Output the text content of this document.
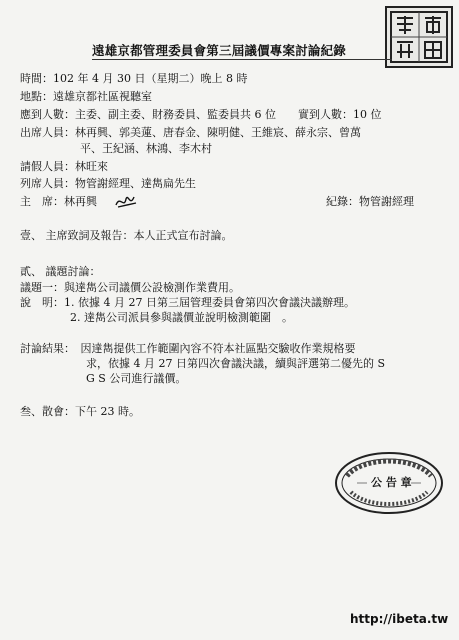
遠雄京都管理委員會第三屆議價專案討論紀錄
時間：102 年 4 月 30 日（星期二）晚上 8 時
地點：遠雄京都社區視聽室
應到人數：主委、副主委、財務委員、監委員共 6 位　　實到人數：10 位
出席人員：林再興、郭美蓮、唐春金、陳明健、王維宸、薛永宗、曾萬
平、王紀涵、林鴻、李木村
請假人員：林旺來
列席人員：物管謝經理、達雋扁先生
主　席：林再興	紀錄：物管謝經理
壹、 主席致詞及報告：本人正式宣布討論。
貳、 議題討論：
議題一：與達雋公司議價公設檢測作業費用。
說　明：1. 依據 4 月 27 日第三屆管理委員會第四次會議決議辦理。
2. 達雋公司派員參與議價並說明檢測範圍　。
討論結果：　因達雋提供工作範圍內容不符本社區點交驗收作業規格要
求，依據 4 月 27 日第四次會議決議，續與評選第二優先的 S
G S 公司進行議價。
叁、散會：下午 23 時。
公 告 章
http://ibeta.tw
